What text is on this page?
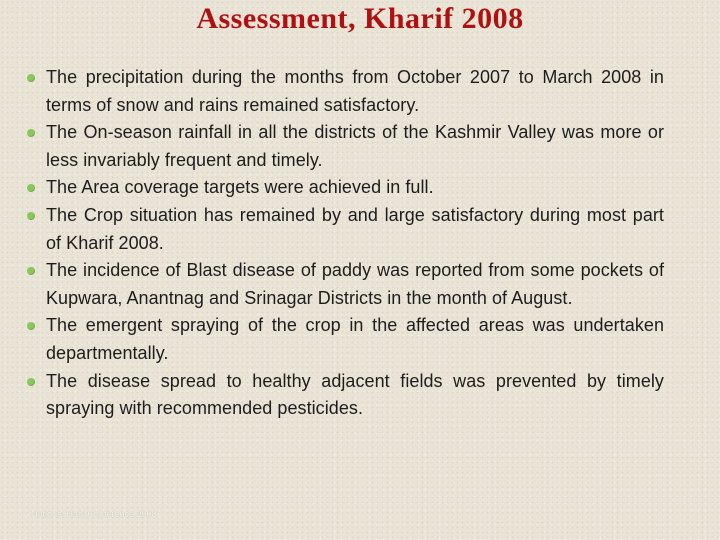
Assessment, Kharif 2008
The precipitation during the months from October 2007 to March 2008 in terms of snow and rains remained satisfactory.
The On-season rainfall in all the districts of the Kashmir Valley was more or less invariably frequent and timely.
The Area coverage targets were achieved in full.
The Crop situation has remained by and large satisfactory during most part of Kharif 2008.
The incidence of Blast disease of paddy was reported from some pockets of Kupwara, Anantnag and Srinagar Districts in the month of August.
The emergent spraying of the crop in the affected areas was undertaken departmentally.
The disease spread to healthy adjacent fields was prevented by timely spraying with recommended pesticides.
National Rabi Conference 2008
